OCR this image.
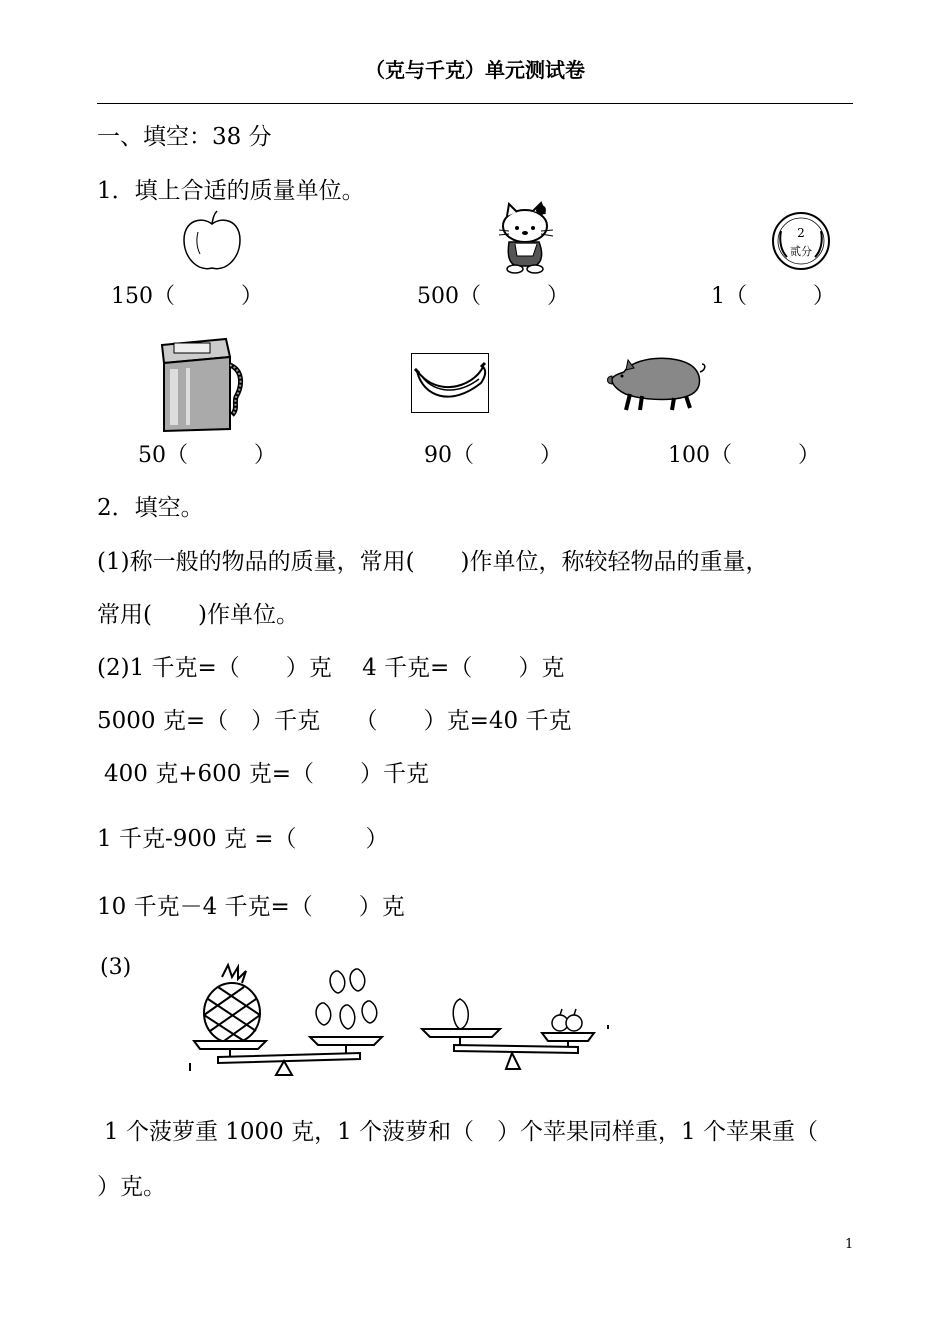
（克与千克）单元测试卷
一、填空：38 分
1．填上合适的质量单位。
2
贰分
150（　　　）	500（　　　）	1（　　　）
50（　　　）	90（　　　）	100（　　　）
2．填空。
(1)称一般的物品的质量，常用(　　)作单位，称较轻物品的重量，
常用(　　)作单位。
(2)1 千克=（　　）克　 4 千克=（　　）克
5000 克=（　）千克　　（　　）克=40 千克
400 克+600 克=（　　）千克
1 千克-900 克 =（　　　）
10 千克－4 千克=（　　）克
(3)
1 个菠萝重 1000 克，1 个菠萝和（　）个苹果同样重，1 个苹果重（
）克。
1
